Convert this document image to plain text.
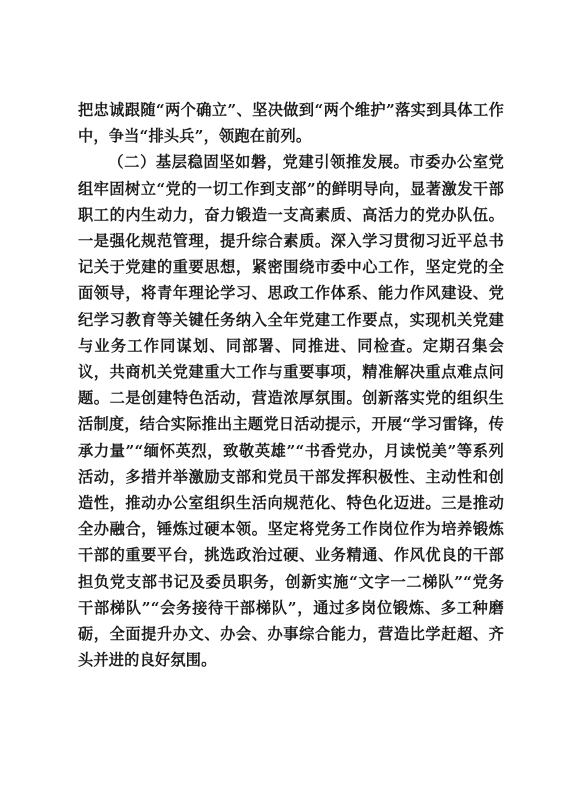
把忠诚跟随“两个确立”、坚决做到“两个维护”落实到具体工作中，争当“排头兵”，领跑在前列。

（二）基层稳固坚如磐，党建引领推发展。市委办公室党组牢固树立“党的一切工作到支部”的鲜明导向，显著激发干部职工的内生动力，奋力锻造一支高素质、高活力的党办队伍。一是强化规范管理，提升综合素质。深入学习贯彻习近平总书记关于党建的重要思想，紧密围绕市委中心工作，坚定党的全面领导，将青年理论学习、思政工作体系、能力作风建设、党纪学习教育等关键任务纳入全年党建工作要点，实现机关党建与业务工作同谋划、同部署、同推进、同检查。定期召集会议，共商机关党建重大工作与重要事项，精准解决重点难点问题。二是创建特色活动，营造浓厚氛围。创新落实党的组织生活制度，结合实际推出主题党日活动提示，开展“学习雷锋，传承力量”“缅怀英烈，致敬英雄”“书香党办，月读悦美”等系列活动，多措并举激励支部和党员干部发挥积极性、主动性和创造性，推动办公室组织生活向规范化、特色化迈进。三是推动全办融合，锤炼过硬本领。坚定将党务工作岗位作为培养锻炼干部的重要平台，挑选政治过硬、业务精通、作风优良的干部担负党支部书记及委员职务，创新实施“文字一二梯队”“党务干部梯队”“会务接待干部梯队”，通过多岗位锻炼、多工种磨砺，全面提升办文、办会、办事综合能力，营造比学赶超、齐头并进的良好氛围。
